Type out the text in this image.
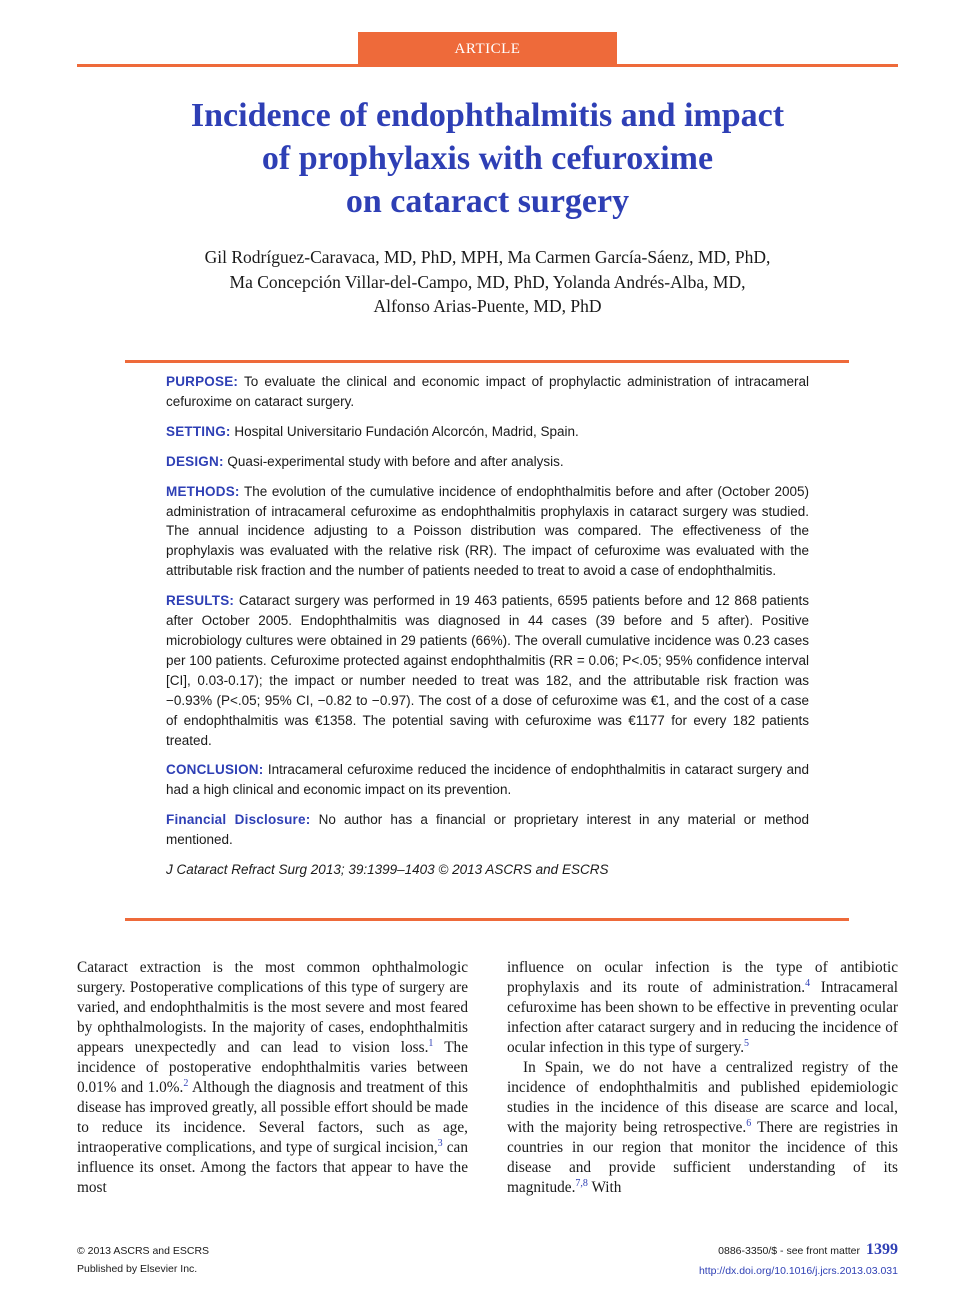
ARTICLE
Incidence of endophthalmitis and impact
of prophylaxis with cefuroxime
on cataract surgery
Gil Rodríguez-Caravaca, MD, PhD, MPH, Ma Carmen García-Sáenz, MD, PhD,
Ma Concepción Villar-del-Campo, MD, PhD, Yolanda Andrés-Alba, MD,
Alfonso Arias-Puente, MD, PhD

PURPOSE: To evaluate the clinical and economic impact of prophylactic administration of intracameral cefuroxime on cataract surgery.

SETTING: Hospital Universitario Fundación Alcorcón, Madrid, Spain.

DESIGN: Quasi-experimental study with before and after analysis.

METHODS: The evolution of the cumulative incidence of endophthalmitis before and after (October 2005) administration of intracameral cefuroxime as endophthalmitis prophylaxis in cataract surgery was studied. The annual incidence adjusting to a Poisson distribution was compared. The effectiveness of the prophylaxis was evaluated with the relative risk (RR). The impact of cefuroxime was evaluated with the attributable risk fraction and the number of patients needed to treat to avoid a case of endophthalmitis.

RESULTS: Cataract surgery was performed in 19 463 patients, 6595 patients before and 12 868 patients after October 2005. Endophthalmitis was diagnosed in 44 cases (39 before and 5 after). Positive microbiology cultures were obtained in 29 patients (66%). The overall cumulative incidence was 0.23 cases per 100 patients. Cefuroxime protected against endophthalmitis (RR = 0.06; P<.05; 95% confidence interval [CI], 0.03-0.17); the impact or number needed to treat was 182, and the attributable risk fraction was −0.93% (P<.05; 95% CI, −0.82 to −0.97). The cost of a dose of cefuroxime was €1, and the cost of a case of endophthalmitis was €1358. The potential saving with cefuroxime was €1177 for every 182 patients treated.

CONCLUSION: Intracameral cefuroxime reduced the incidence of endophthalmitis in cataract surgery and had a high clinical and economic impact on its prevention.

Financial Disclosure: No author has a financial or proprietary interest in any material or method mentioned.

J Cataract Refract Surg 2013; 39:1399–1403 © 2013 ASCRS and ESCRS

Cataract extraction is the most common ophthalmologic surgery. Postoperative complications of this type of surgery are varied, and endophthalmitis is the most severe and most feared by ophthalmologists. In the majority of cases, endophthalmitis appears unexpectedly and can lead to vision loss.$^1$ The incidence of postoperative endophthalmitis varies between 0.01% and 1.0%.$^2$ Although the diagnosis and treatment of this disease has improved greatly, all possible effort should be made to reduce its incidence. Several factors, such as age, intraoperative complications, and type of surgical incision,$^3$ can influence its onset. Among the factors that appear to have the most

influence on ocular infection is the type of antibiotic prophylaxis and its route of administration.$^4$ Intracameral cefuroxime has been shown to be effective in preventing ocular infection after cataract surgery and in reducing the incidence of ocular infection in this type of surgery.$^5$

In Spain, we do not have a centralized registry of the incidence of endophthalmitis and published epidemiologic studies in the incidence of this disease are scarce and local, with the majority being retrospective.$^6$ There are registries in countries in our region that monitor the incidence of this disease and provide sufficient understanding of its magnitude.$^{7,8}$ With

© 2013 ASCRS and ESCRS
Published by Elsevier Inc.
0886-3350/$ - see front matter 1399
http://dx.doi.org/10.1016/j.jcrs.2013.03.031
